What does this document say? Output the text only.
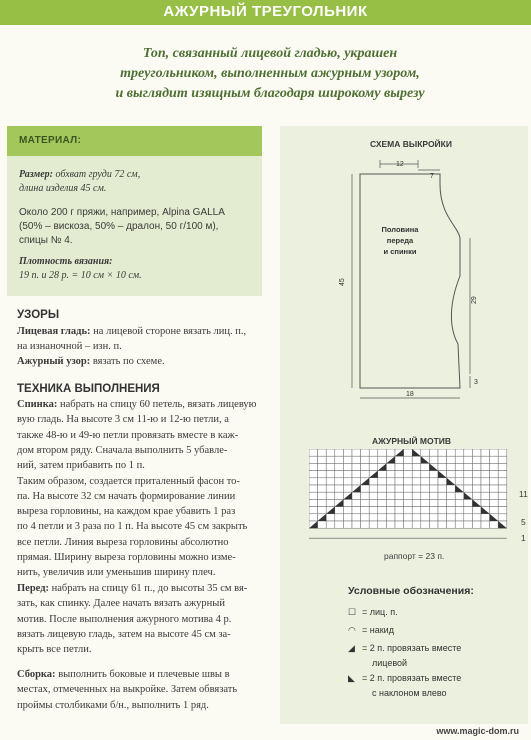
АЖУРНЫЙ ТРЕУГОЛЬНИК
Топ, связанный лицевой гладью, украшен
треугольником, выполненным ажурным узором,
и выглядит изящным благодаря широкому вырезу
МАТЕРИАЛ:
Размер: обхват груди 72 см,
длина изделия 45 см.
Около 200 г пряжи, например, Alpina GALLA
(50% – вискоза, 50% – дралон, 50 г/100 м),
спицы № 4.
Плотность вязания:
19 п. и 28 р. = 10 см × 10 см.
УЗОРЫ
Лицевая гладь: на лицевой стороне вязать лиц. п.,
на изнаночной – изн. п.
Ажурный узор: вязать по схеме.
ТЕХНИКА ВЫПОЛНЕНИЯ
Спинка: набрать на спицу 60 петель, вязать лицевую
вую гладь. На высоте 3 см 11-ю и 12-ю петли, а
также 48-ю и 49-ю петли провязать вместе в каж-
дом втором ряду. Сначала выполнить 5 убавле-
ний, затем прибавить по 1 п.
Таким образом, создается приталенный фасон то-
па. На высоте 32 см начать формирование линии
выреза горловины, на каждом крае убавить 1 раз
по 4 петли и 3 раза по 1 п. На высоте 45 см закрыть
все петли. Линия выреза горловины абсолютно
прямая. Ширину выреза горловины можно изме-
нить, увеличив или уменьшив ширину плеч.
Перед: набрать на спицу 61 п., до высоты 35 см вя-
зать, как спинку. Далее начать вязать ажурный
мотив. После выполнения ажурного мотива 4 р.
вязать лицевую гладь, затем на высоте 45 см за-
крыть все петли.
Сборка: выполнить боковые и плечевые швы в
местах, отмеченных на выкройке. Затем обвязать
проймы столбиками б/н., выполнить 1 ряд.
СХЕМА ВЫКРОЙКИ
12
7
45
29
3
18
Половина
переда
и спинки
АЖУРНЫЙ МОТИВ
11
5
1
раппорт = 23 п.
Условные обозначения:
☐ = лиц. п.
◠ = накид
◢ = 2 п. провязать вместе
лицевой
◣ = 2 п. провязать вместе
с наклоном влево
www.magic-dom.ru
